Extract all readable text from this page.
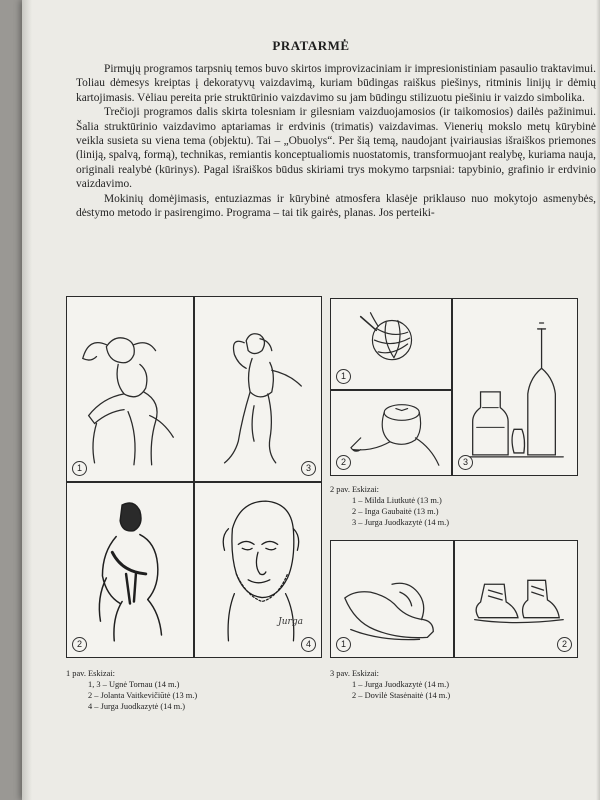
PRATARMĖ

Pirmųjų programos tarpsnių temos buvo skirtos improvizaciniam ir impresionistiniam pasaulio traktavimui. Toliau dėmesys kreiptas į dekoratyvų vaizdavimą, kuriam būdingas raiškus piešinys, ritminis linijų ir dėmių kartojimasis. Vėliau pereita prie struktūrinio vaizdavimo su jam būdingu stilizuotu piešiniu ir vaizdo simbolika.

Trečioji programos dalis skirta tolesniam ir gilesniam vaizduojamosios (ir taikomosios) dailės pažinimui. Šalia struktūrinio vaizdavimo aptariamas ir erdvinis (trimatis) vaizdavimas. Vienerių mokslo metų kūrybinė veikla susieta su viena tema (objektu). Tai – „Obuolys“. Per šią temą, naudojant įvairiausias išraiškos priemones (liniją, spalvą, formą), technikas, remiantis konceptualiomis nuostatomis, transformuojant realybę, kuriama nauja, originali realybė (kūrinys). Pagal išraiškos būdus skiriami trys mokymo tarpsniai: tapybinio, grafinio ir erdvinio vaizdavimo.

Mokinių domėjimasis, entuziazmas ir kūrybinė atmosfera klasėje priklauso nuo mokytojo asmenybės, dėstymo metodo ir pasirengimo. Programa – tai tik gairės, planas. Jos perteiki-

1	3
2
Jurga
4
1 pav. Eskizai:
1, 3 – Ugnė Tornau (14 m.)
2 – Jolanta Vaitkevičiūtė (13 m.)
4 – Jurga Juodkazytė (14 m.)
1
2	3
2 pav. Eskizai:
1 – Milda Liutkutė (13 m.)
2 – Inga Gaubaitė (13 m.)
3 – Jurga Juodkazytė (14 m.)
1	2
3 pav. Eskizai:
1 – Jurga Juodkazytė (14 m.)
2 – Dovilė Stasėnaitė (14 m.)
